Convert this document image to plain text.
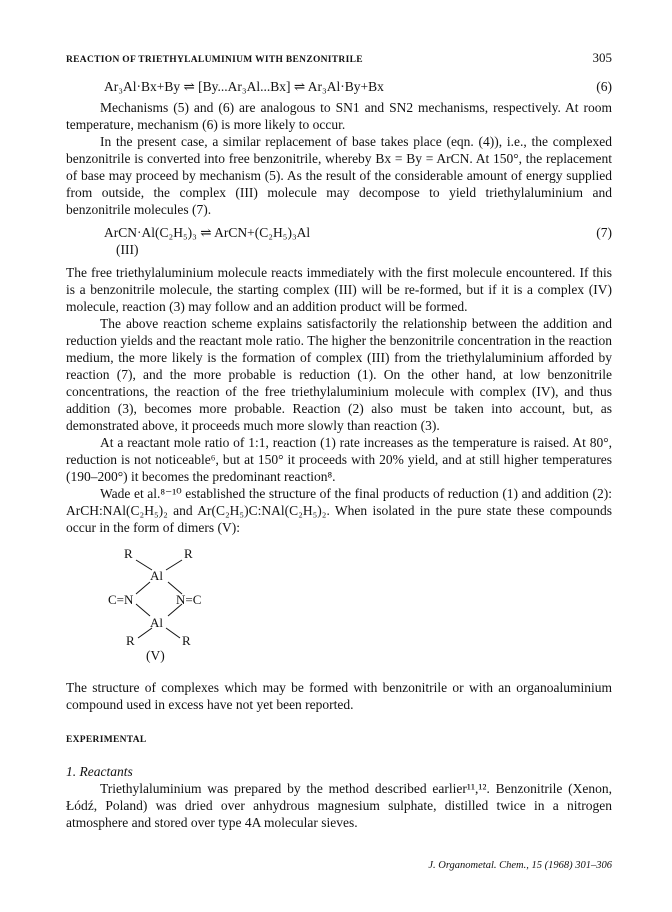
REACTION OF TRIETHYLALUMINIUM WITH BENZONITRILE	305
Ar₃Al·Bx+By ⇌ [By...Ar₃Al...Bx] ⇌ Ar₃Al·By+Bx	(6)

Mechanisms (5) and (6) are analogous to SN1 and SN2 mechanisms, respectively. At room temperature, mechanism (6) is more likely to occur.

In the present case, a similar replacement of base takes place (eqn. (4)), i.e., the complexed benzonitrile is converted into free benzonitrile, whereby Bx = By = ArCN. At 150°, the replacement of base may proceed by mechanism (5). As the result of the considerable amount of energy supplied from outside, the complex (III) molecule may decompose to yield triethylaluminium and benzonitrile molecules (7).

ArCN·Al(C₂H₅)₃ ⇌ ArCN+(C₂H₅)₃Al	(7)
(III)

The free triethylaluminium molecule reacts immediately with the first molecule encountered. If this is a benzonitrile molecule, the starting complex (III) will be re-formed, but if it is a complex (IV) molecule, reaction (3) may follow and an addition product will be formed.

The above reaction scheme explains satisfactorily the relationship between the addition and reduction yields and the reactant mole ratio. The higher the benzonitrile concentration in the reaction medium, the more likely is the formation of complex (III) from the triethylaluminium afforded by reaction (7), and the more probable is reduction (1). On the other hand, at low benzonitrile concentrations, the reaction of the free triethylaluminium molecule with complex (IV), and thus addition (3), becomes more probable. Reaction (2) also must be taken into account, but, as demonstrated above, it proceeds much more slowly than reaction (3).

At a reactant mole ratio of 1:1, reaction (1) rate increases as the temperature is raised. At 80°, reduction is not noticeable⁶, but at 150° it proceeds with 20% yield, and at still higher temperatures (190–200°) it becomes the predominant reaction⁸.

Wade et al.⁸⁻¹⁰ established the structure of the final products of reduction (1) and addition (2): ArCH:NAl(C₂H₅)₂ and Ar(C₂H₅)C:NAl(C₂H₅)₂. When isolated in the pure state these compounds occur in the form of dimers (V):

R	R
Al
C=N	N=C
Al
R	R
(V)

The structure of complexes which may be formed with benzonitrile or with an organoaluminium compound used in excess have not yet been reported.

EXPERIMENTAL
1. Reactants

Triethylaluminium was prepared by the method described earlier¹¹,¹². Benzonitrile (Xenon, Łódź, Poland) was dried over anhydrous magnesium sulphate, distilled twice in a nitrogen atmosphere and stored over type 4A molecular sieves.

J. Organometal. Chem., 15 (1968) 301–306
